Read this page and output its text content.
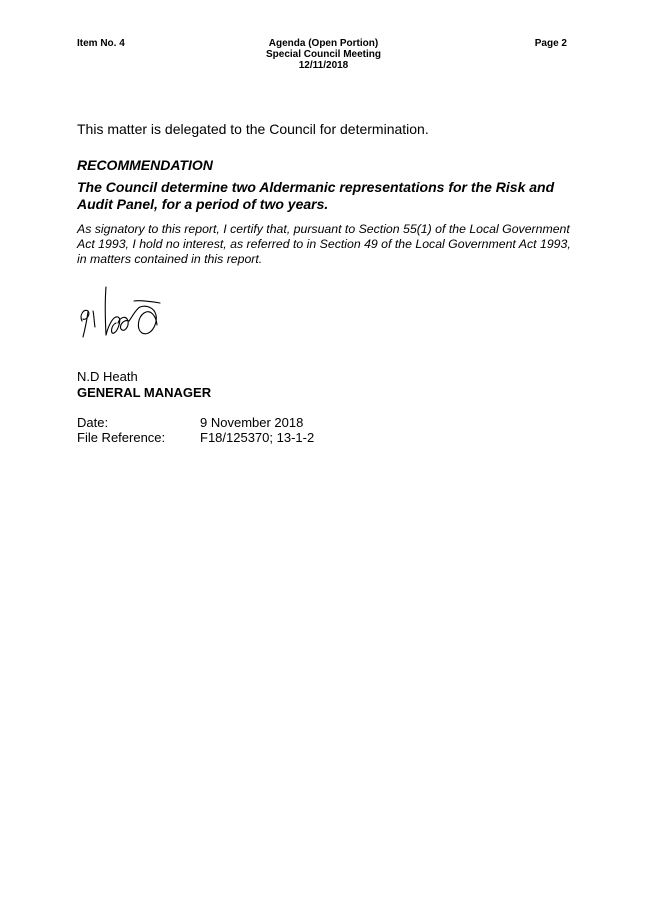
Item No. 4	Agenda (Open Portion)
Special Council Meeting
12/11/2018
Page 2
This matter is delegated to the Council for determination.
RECOMMENDATION
The Council determine two Aldermanic representations for the Risk and Audit Panel, for a period of two years.
As signatory to this report, I certify that, pursuant to Section 55(1) of the Local Government Act 1993, I hold no interest, as referred to in Section 49 of the Local Government Act 1993, in matters contained in this report.
N.D Heath
GENERAL MANAGER
Date:	9 November 2018
File Reference:	F18/125370; 13-1-2
